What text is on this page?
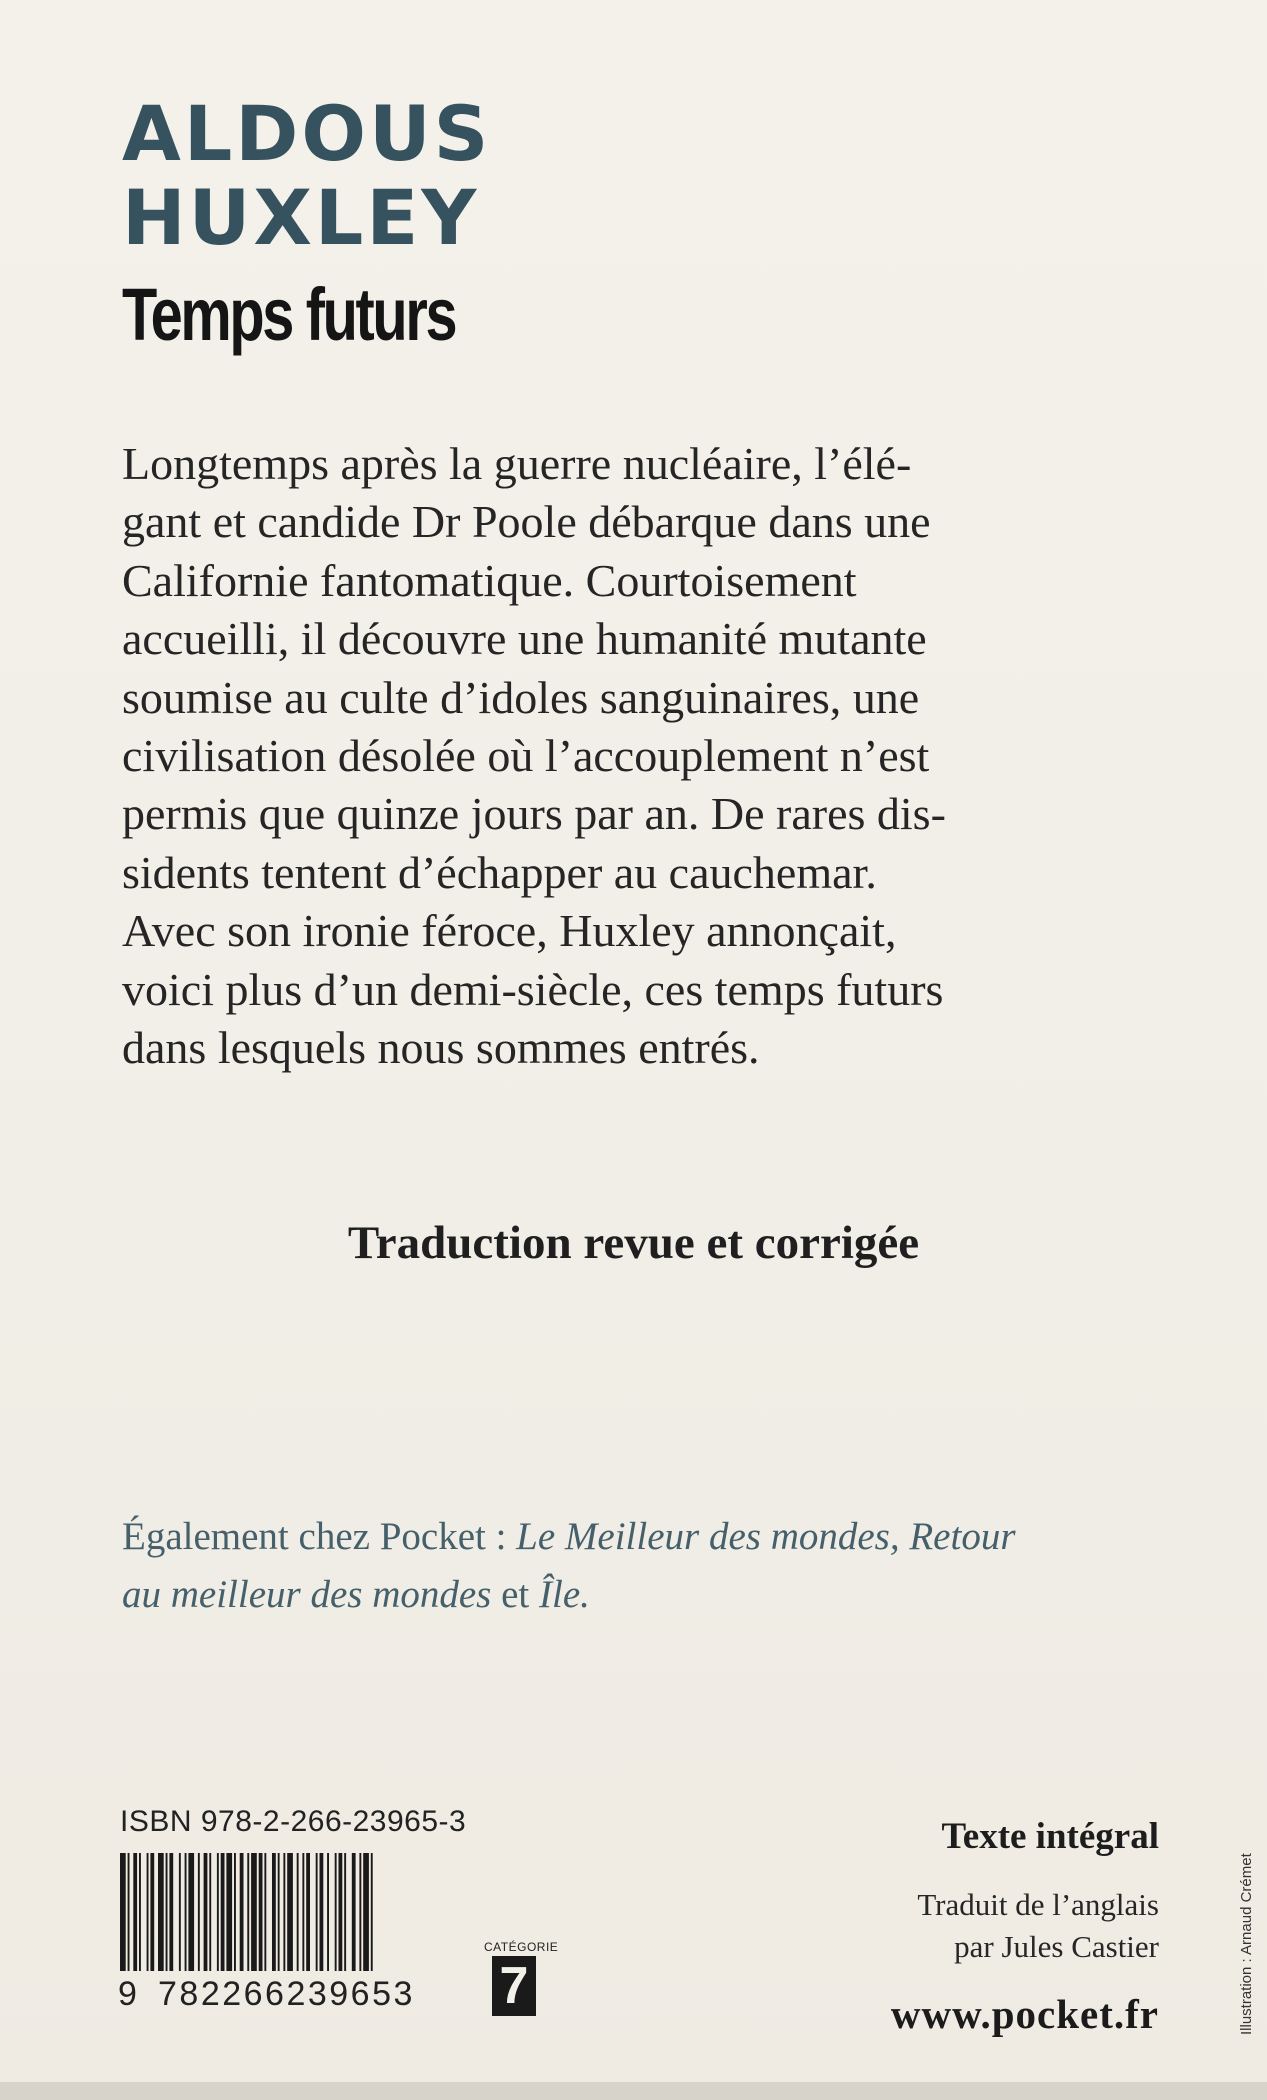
ALDOUS
HUXLEY
Temps futurs
Longtemps après la guerre nucléaire, l’élé-
gant et candide Dr Poole débarque dans une
Californie fantomatique. Courtoisement
accueilli, il découvre une humanité mutante
soumise au culte d’idoles sanguinaires, une
civilisation désolée où l’accouplement n’est
permis que quinze jours par an. De rares dis-
sidents tentent d’échapper au cauchemar.
Avec son ironie féroce, Huxley annonçait,
voici plus d’un demi-siècle, ces temps futurs
dans lesquels nous sommes entrés.
Traduction revue et corrigée
Également chez Pocket : Le Meilleur des mondes, Retour
au meilleur des mondes et Île.
ISBN 978-2-266-23965-3
9 782266239653
CATÉGORIE
7
Texte intégral
Traduit de l’anglais
par Jules Castier
www.pocket.fr	Illustration : Arnaud Crémet
